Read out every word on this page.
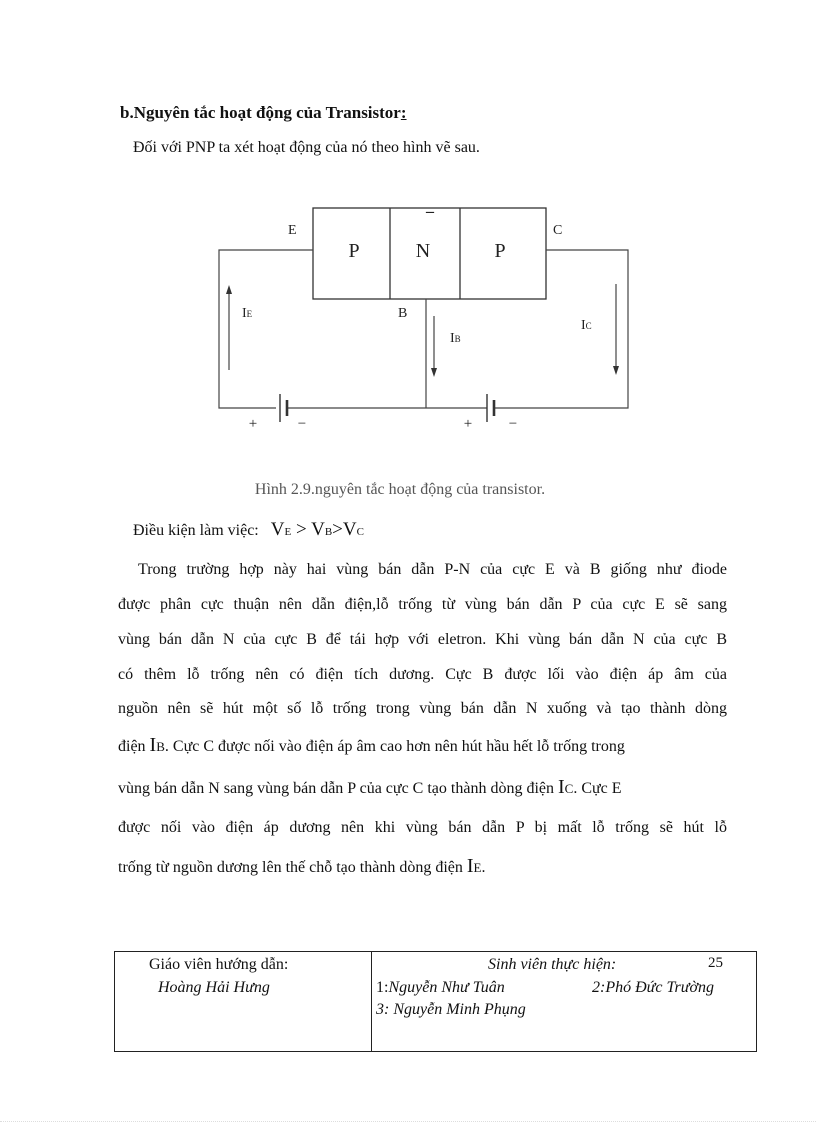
b.Nguyên tắc hoạt động của Transistor:
Đối với PNP ta xét hoạt động của nó theo hình vẽ sau.
P	N	P
_
+	−	+ −
E
B
C
IE
IB
IC
Hình 2.9.nguyên tắc hoạt động của transistor.
Điều kiện làm việc: VE > VB>VC
Trong trường hợp này hai vùng bán dẫn P-N của cực E và B giống như điode
được phân cực thuận nên dẫn điện,lỗ trống từ vùng bán dẫn P của cực E sẽ sang
vùng bán dẫn N của cực B để tái hợp với eletron. Khi vùng bán dẫn N của cực B
có thêm lỗ trống nên có điện tích dương. Cực B được lối vào điện áp âm của
nguồn nên sẽ hút một số lỗ trống trong vùng bán dẫn N xuống và tạo thành dòng
điện IB. Cực C được nối vào điện áp âm cao hơn nên hút hầu hết lỗ trống trong
vùng bán dẫn N sang vùng bán dẫn P của cực C tạo thành dòng điện IC. Cực E
được nối vào điện áp dương nên khi vùng bán dẫn P bị mất lỗ trống sẽ hút lỗ
trống từ nguồn dương lên thế chỗ tạo thành dòng điện IE.
Giáo viên hướng dẫn:
Hoàng Hải Hưng
Sinh viên thực hiện:	25
1:Nguyễn Như Tuân	2:Phó Đức Trường
3: Nguyễn Minh Phụng
